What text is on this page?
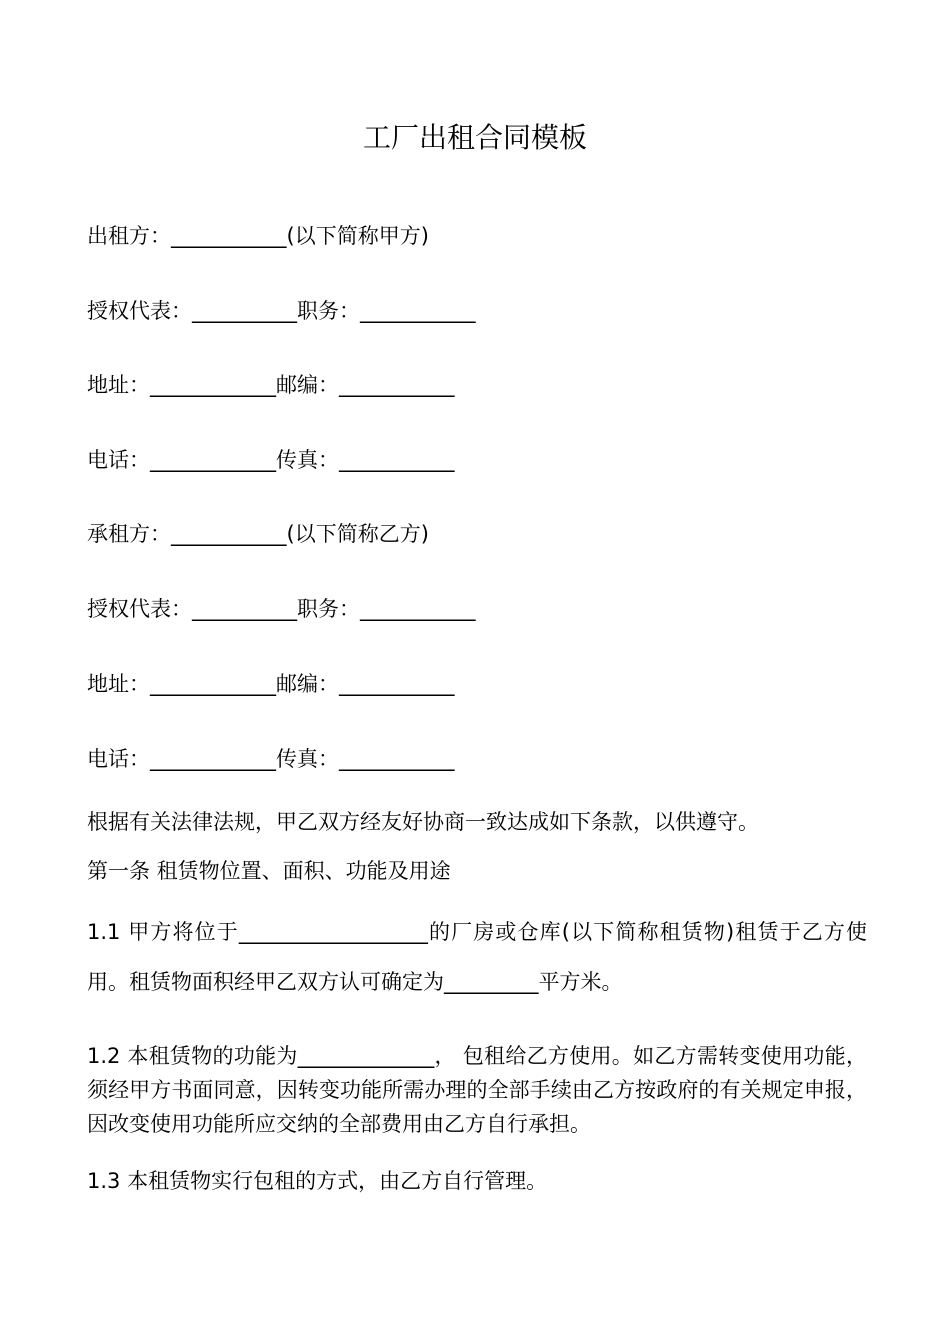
工厂出租合同模板
出租方：___________(以下简称甲方)
授权代表：__________职务：___________
地址：____________邮编：___________
电话：____________传真：___________
承租方：___________(以下简称乙方)
授权代表：__________职务：___________
地址：____________邮编：___________
电话：____________传真：___________
根据有关法律法规，甲乙双方经友好协商一致达成如下条款，以供遵守。
第一条 租赁物位置、面积、功能及用途
1.1 甲方将位于__________________的厂房或仓库(以下简称租赁物)租赁于乙方使用。租赁物面积经甲乙双方认可确定为_________平方米。
1.2 本租赁物的功能为_____________， 包租给乙方使用。如乙方需转变使用功能，须经甲方书面同意，因转变功能所需办理的全部手续由乙方按政府的有关规定申报，因改变使用功能所应交纳的全部费用由乙方自行承担。
1.3 本租赁物实行包租的方式，由乙方自行管理。
